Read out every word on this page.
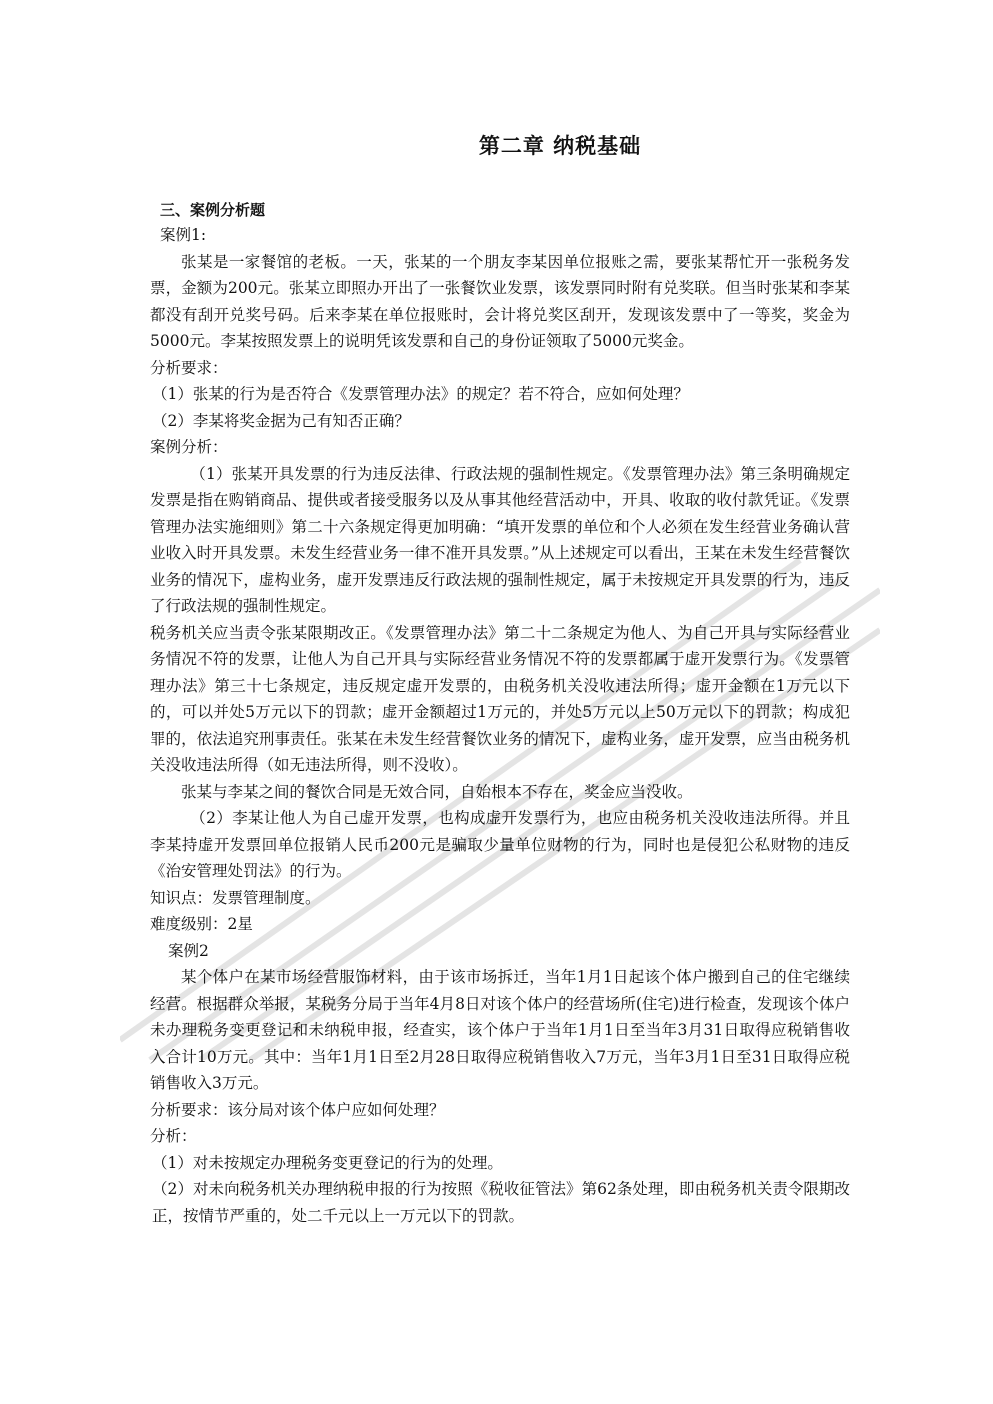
第二章 纳税基础
三、案例分析题

案例1:

张某是一家餐馆的老板。一天，张某的一个朋友李某因单位报账之需，要张某帮忙开一张税务发票，金额为200元。张某立即照办开出了一张餐饮业发票，该发票同时附有兑奖联。但当时张某和李某都没有刮开兑奖号码。后来李某在单位报账时，会计将兑奖区刮开，发现该发票中了一等奖，奖金为5000元。李某按照发票上的说明凭该发票和自己的身份证领取了5000元奖金。

分析要求：

（1）张某的行为是否符合《发票管理办法》的规定？若不符合，应如何处理？

（2）李某将奖金据为己有知否正确？

案例分析：

（1）张某开具发票的行为违反法律、行政法规的强制性规定。《发票管理办法》第三条明确规定发票是指在购销商品、提供或者接受服务以及从事其他经营活动中，开具、收取的收付款凭证。《发票管理办法实施细则》第二十六条规定得更加明确：“填开发票的单位和个人必须在发生经营业务确认营业收入时开具发票。未发生经营业务一律不准开具发票。”从上述规定可以看出，王某在未发生经营餐饮业务的情况下，虚构业务，虚开发票违反行政法规的强制性规定，属于未按规定开具发票的行为，违反了行政法规的强制性规定。

税务机关应当责令张某限期改正。《发票管理办法》第二十二条规定为他人、为自己开具与实际经营业务情况不符的发票，让他人为自己开具与实际经营业务情况不符的发票都属于虚开发票行为。《发票管理办法》第三十七条规定，违反规定虚开发票的，由税务机关没收违法所得；虚开金额在1万元以下的，可以并处5万元以下的罚款；虚开金额超过1万元的，并处5万元以上50万元以下的罚款；构成犯罪的，依法追究刑事责任。张某在未发生经营餐饮业务的情况下，虚构业务，虚开发票，应当由税务机关没收违法所得（如无违法所得，则不没收）。

张某与李某之间的餐饮合同是无效合同，自始根本不存在，奖金应当没收。

（2）李某让他人为自己虚开发票，也构成虚开发票行为，也应由税务机关没收违法所得。并且李某持虚开发票回单位报销人民币200元是骗取少量单位财物的行为，同时也是侵犯公私财物的违反《治安管理处罚法》的行为。

知识点：发票管理制度。

难度级别：2星

案例2

某个体户在某市场经营服饰材料，由于该市场拆迁，当年1月1日起该个体户搬到自己的住宅继续经营。根据群众举报，某税务分局于当年4月8日对该个体户的经营场所(住宅)进行检查，发现该个体户未办理税务变更登记和未纳税申报，经查实，该个体户于当年1月1日至当年3月31日取得应税销售收入合计10万元。其中：当年1月1日至2月28日取得应税销售收入7万元，当年3月1日至31日取得应税销售收入3万元。

分析要求：该分局对该个体户应如何处理？

分析：

（1）对未按规定办理税务变更登记的行为的处理。

（2）对未向税务机关办理纳税申报的行为按照《税收征管法》第62条处理，即由税务机关责令限期改正，按情节严重的，处二千元以上一万元以下的罚款。
